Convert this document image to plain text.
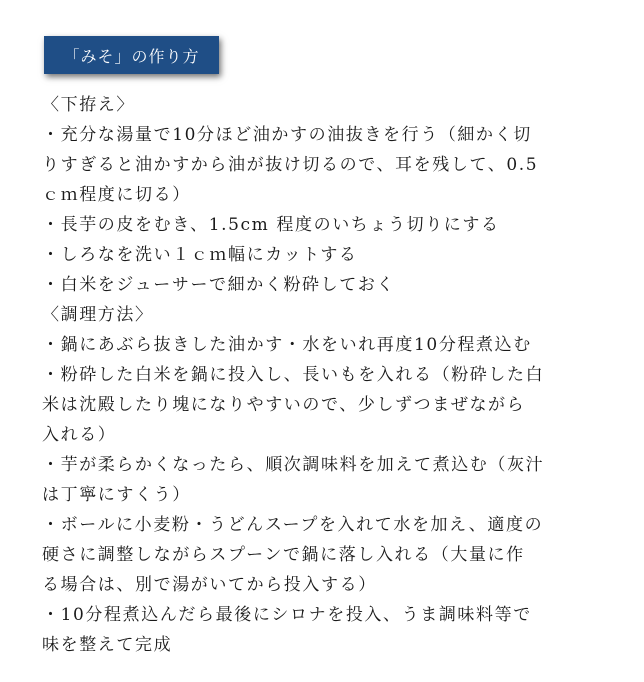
「みそ」の作り方

〈下拵え〉

・充分な湯量で10分ほど油かすの油抜きを行う（細かく切

りすぎると油かすから油が抜け切るので、耳を残して、0.5

ｃｍ程度に切る）

・長芋の皮をむき、1.5cm 程度のいちょう切りにする

・しろなを洗い１ｃｍ幅にカットする

・白米をジューサーで細かく粉砕しておく

〈調理方法〉

・鍋にあぶら抜きした油かす・水をいれ再度10分程煮込む

・粉砕した白米を鍋に投入し、長いもを入れる（粉砕した白

米は沈殿したり塊になりやすいので、少しずつまぜながら

入れる）

・芋が柔らかくなったら、順次調味料を加えて煮込む（灰汁

は丁寧にすくう）

・ボールに小麦粉・うどんスープを入れて水を加え、適度の

硬さに調整しながらスプーンで鍋に落し入れる（大量に作

る場合は、別で湯がいてから投入する）

・10分程煮込んだら最後にシロナを投入、うま調味料等で

味を整えて完成
